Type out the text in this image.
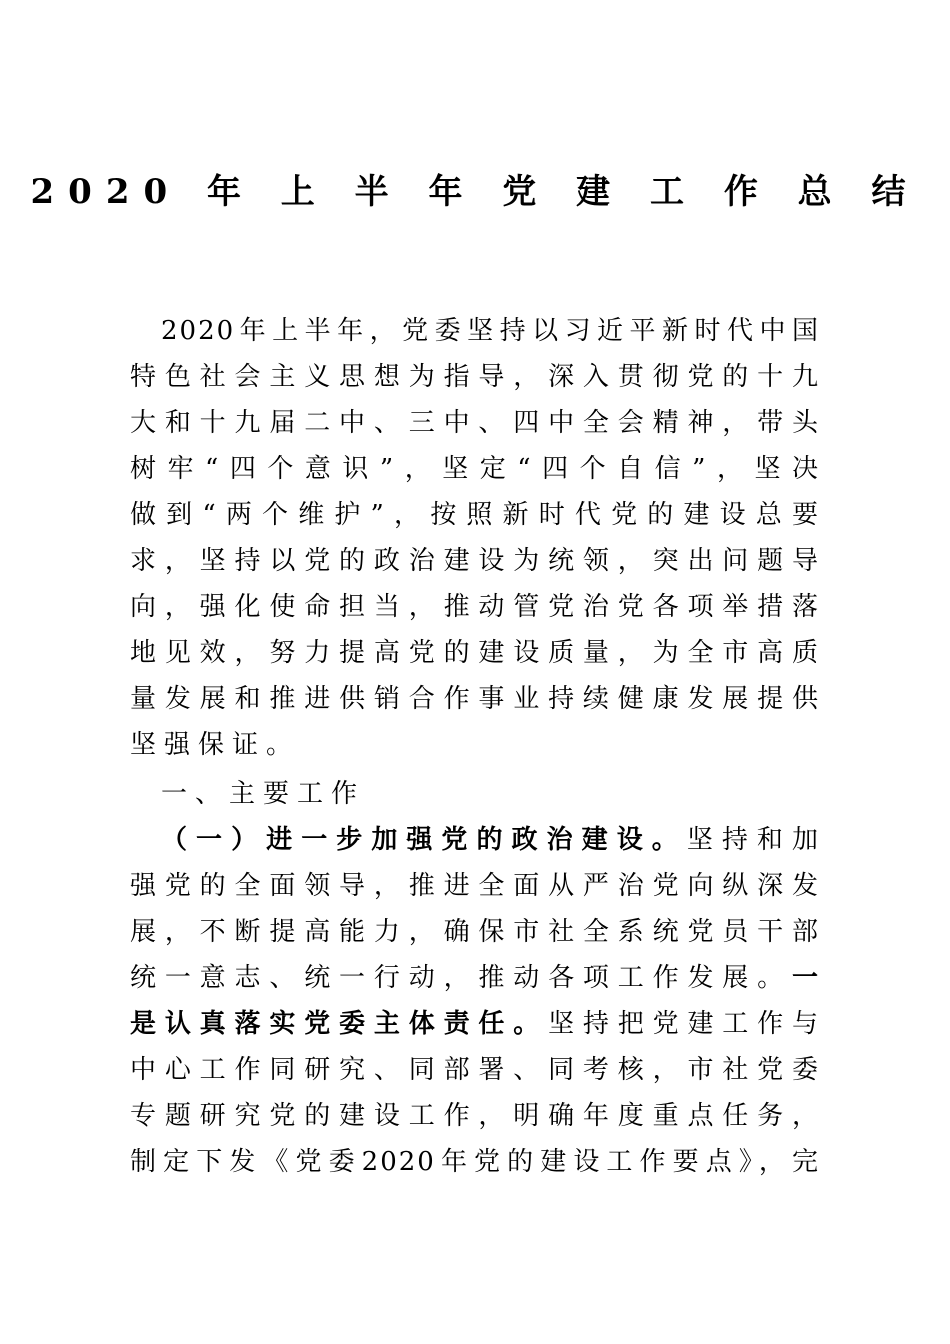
2020 年 上 半 年 党 建 工 作 总 结
2020年上半年，党委坚持以习近平新时代中国
特色社会主义思想为指导，深入贯彻党的十九
大和十九届二中、三中、四中全会精神，带头
树牢“四个意识”，坚定“四个自信”，坚决
做到“两个维护”，按照新时代党的建设总要
求，坚持以党的政治建设为统领，突出问题导
向，强化使命担当，推动管党治党各项举措落
地见效，努力提高党的建设质量，为全市高质
量发展和推进供销合作事业持续健康发展提供
坚强保证。
一、主要工作
（一）进一步加强党的政治建设。坚持和加
强党的全面领导，推进全面从严治党向纵深发
展，不断提高能力，确保市社全系统党员干部
统一意志、统一行动，推动各项工作发展。一
是认真落实党委主体责任。坚持把党建工作与
中心工作同研究、同部署、同考核，市社党委
专题研究党的建设工作，明确年度重点任务，
制定下发《党委2020年党的建设工作要点》，完
